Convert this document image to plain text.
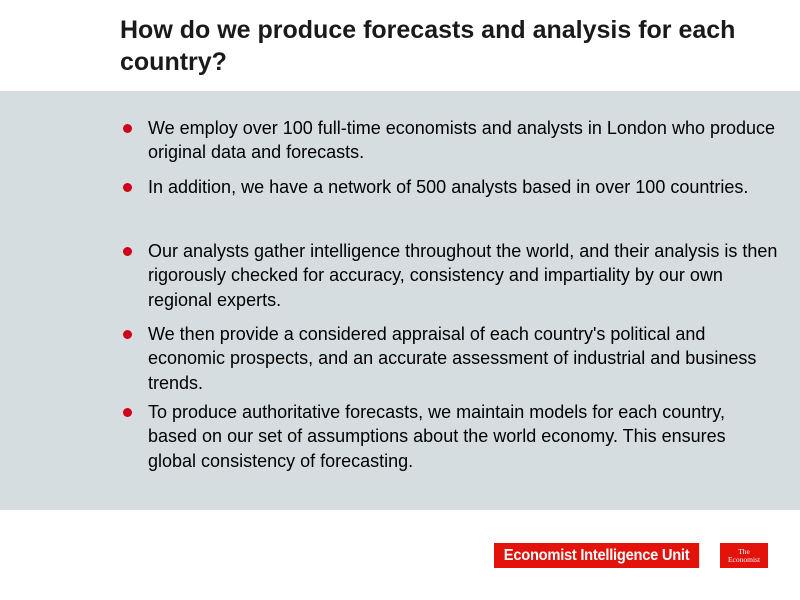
How do we produce forecasts and analysis for each country?
We employ over 100 full-time economists and analysts in London who produce original data and forecasts.
In addition, we have a network of 500 analysts based in over 100 countries.
Our analysts gather intelligence throughout the world, and their analysis is then rigorously checked for accuracy, consistency and impartiality by our own regional experts.
We then provide a considered appraisal of each country's political and economic prospects, and an accurate assessment of industrial and business trends.
To produce authoritative forecasts, we maintain models for each country, based on our set of assumptions about the world economy. This ensures global consistency of forecasting.
Economist Intelligence Unit	The
Economist
